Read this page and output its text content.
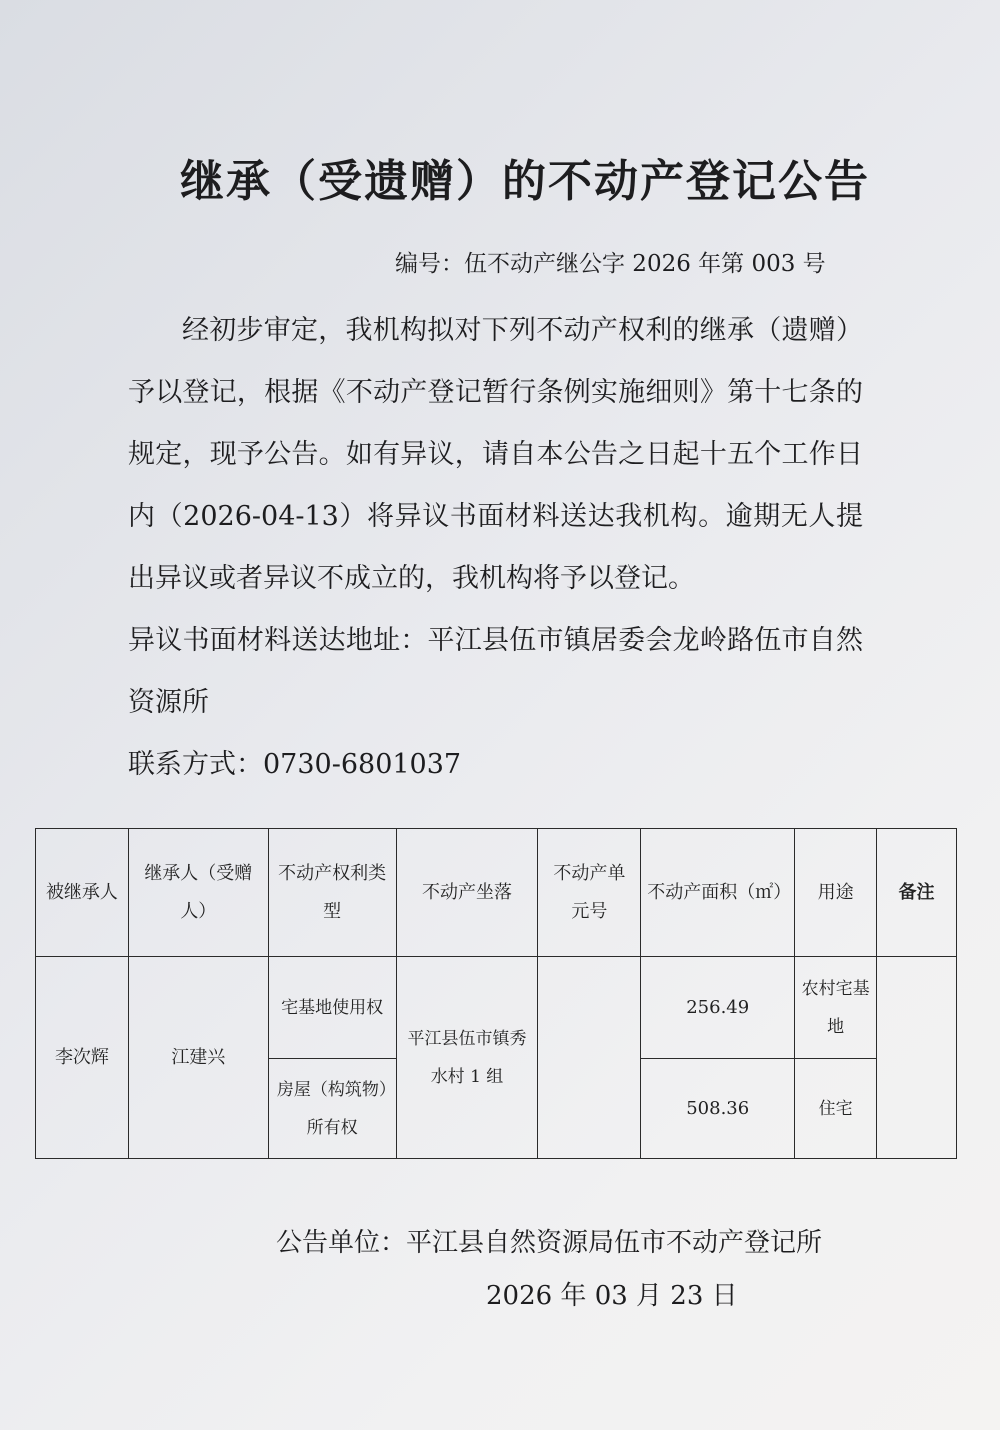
继承（受遗赠）的不动产登记公告
编号：伍不动产继公字 2026 年第 003 号

经初步审定，我机构拟对下列不动产权利的继承（遗赠）予以登记，根据《不动产登记暂行条例实施细则》第十七条的规定，现予公告。如有异议，请自本公告之日起十五个工作日内（2026-04-13）将异议书面材料送达我机构。逾期无人提出异议或者异议不成立的，我机构将予以登记。

异议书面材料送达地址：平江县伍市镇居委会龙岭路伍市自然资源所

联系方式：0730-6801037

被继承人	继承人（受赠人）	不动产权利类型	不动产坐落	不动产单元号	不动产面积（㎡）	用途	备注
李次辉	江建兴	宅基地使用权	平江县伍市镇秀水村 1 组		256.49	农村宅基地	
		房屋（构筑物）所有权			508.36	住宅	
公告单位：平江县自然资源局伍市不动产登记所
2026 年 03 月 23 日
